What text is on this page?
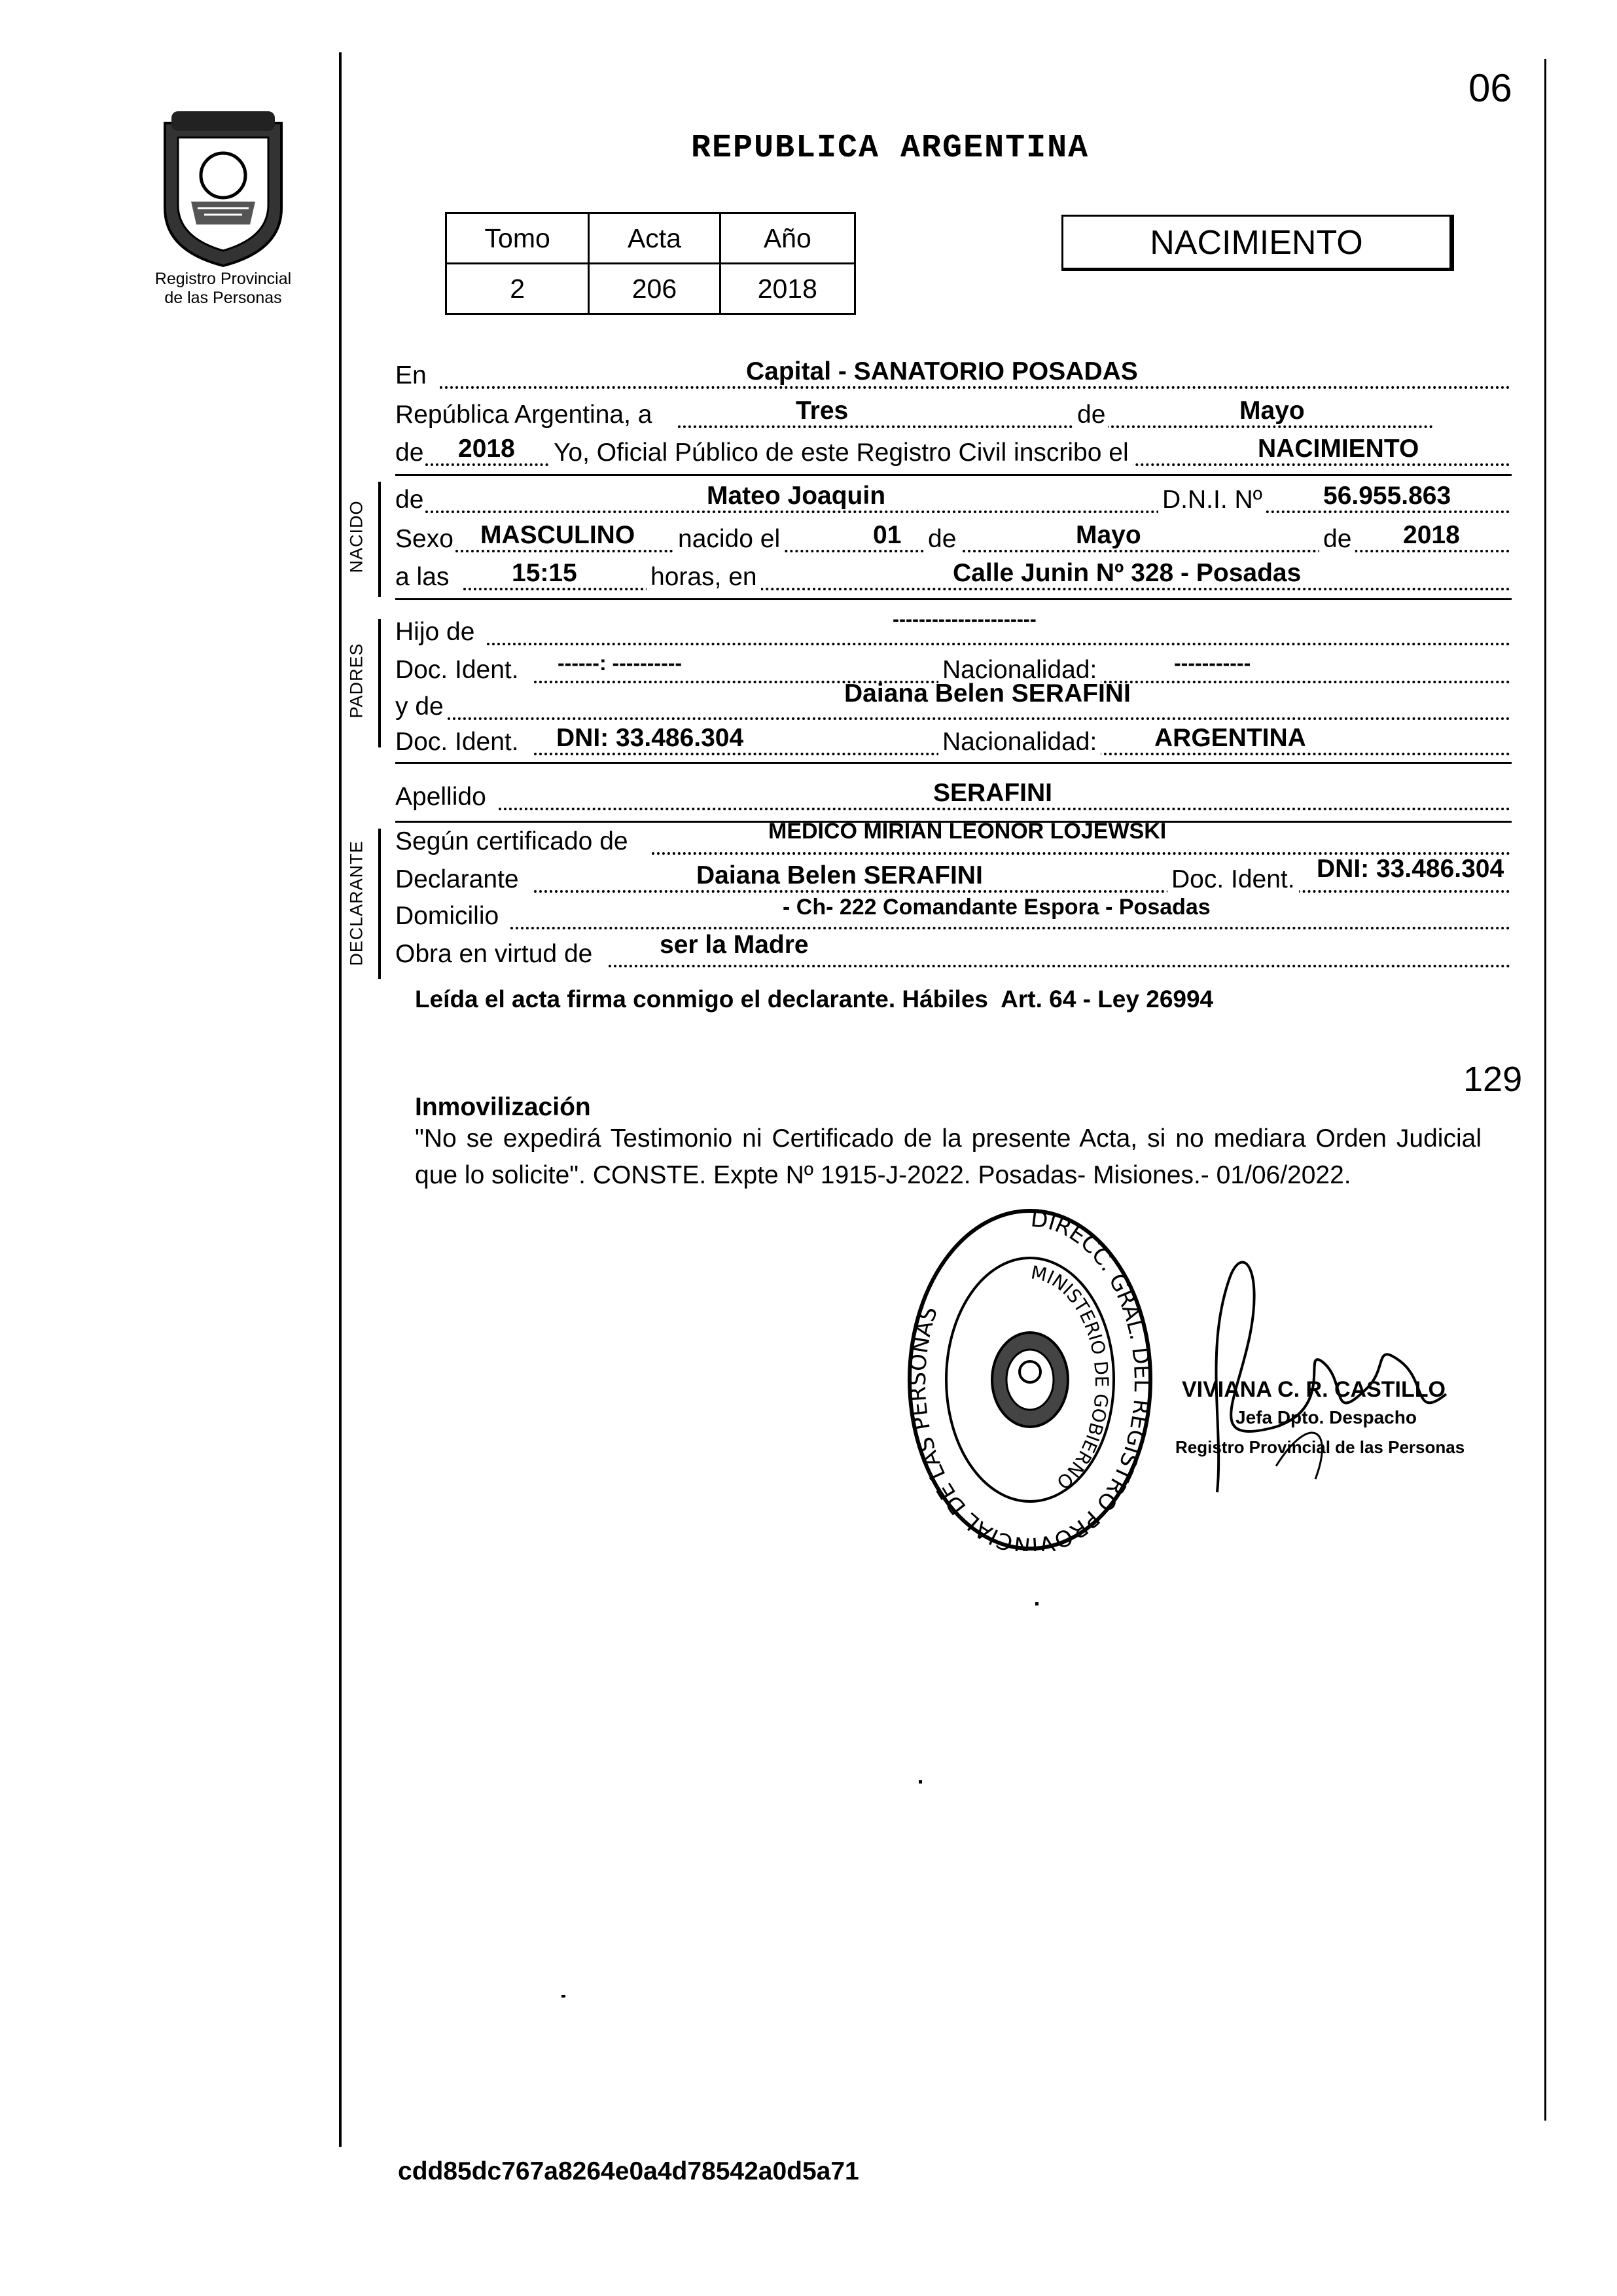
Registro Provincial
de las Personas
06
REPUBLICA ARGENTINA
Tomo	Acta	Año
2	206	2018
NACIMIENTO
En	Capital - SANATORIO POSADAS
República Argentina, a	Tres	de	Mayo
de 2018 Yo, Oficial Público de este Registro Civil inscribo el	NACIMIENTO
NACIDO
de	Mateo Joaquin	D.N.I. Nº 56.955.863
Sexo MASCULINO nacido el	01 de	Mayo	de 2018
a las 15:15	horas, en	Calle Junin Nº 328 - Posadas
PADRES
Hijo de	----------------------
Doc. Ident. ------: ----------	Nacionalidad:	-----------
y de	Daiana Belen SERAFINI
Doc. Ident. DNI: 33.486.304	Nacionalidad: ARGENTINA
Apellido	SERAFINI
DECLARANTE Según certificado de	MEDICO MIRIAN LEONOR LOJEWSKI
Declarante	Daiana Belen SERAFINI	Doc. Ident. DNI: 33.486.304
Domicilio	- Ch- 222 Comandante Espora - Posadas
Obra en virtud de	ser la Madre
Leída el acta firma conmigo el declarante. Hábiles  Art. 64 - Ley 26994
129
Inmovilización
"No se expedirá Testimonio ni Certificado de la presente Acta, si no mediara Orden Judicial que lo solicite". CONSTE. Expte Nº 1915-J-2022. Posadas- Misiones.- 01/06/2022.
DIRECC. GRAL. DEL REGISTRO PROVINCIAL DE LAS PERSONAS
MINISTERIO DE GOBIERNO
VIVIANA C. R. CASTILLO
Jefa Dpto. Despacho
Registro Provincial de las Personas
cdd85dc767a8264e0a4d78542a0d5a71
